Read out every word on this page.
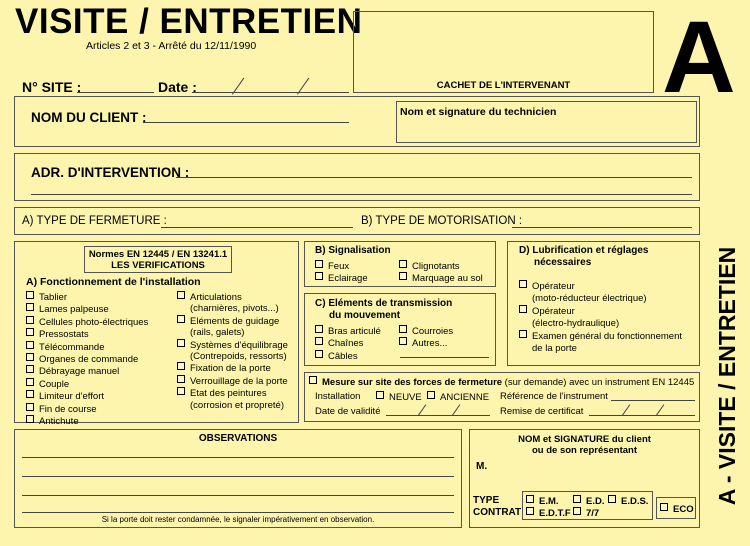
VISITE / ENTRETIEN
Articles 2 et 3 - Arrêté du 12/11/1990
CACHET DE L'INTERVENANT A
N° SITE :	Date :
NOM DU CLIENT :	Nom et signature du technicien
ADR. D'INTERVENTION :
A) TYPE DE FERMETURE :	B) TYPE DE MOTORISATION :
Normes EN 12445 / EN 13241.1
LES VERIFICATIONS
A) Fonctionnement de l'installation
Tablier
Lames palpeuse
Cellules photo-électriques
Pressostats
Télécommande
Organes de commande
Débrayage manuel
Couple
Limiteur d'effort
Fin de course
Antichute
Articulations
(charnières, pivots...)
Eléments de guidage
(rails, galets)
Systèmes d'équilibrage
(Contrepoids, ressorts)
Fixation de la porte
Verrouillage de la porte
Etat des peintures
(corrosion et propreté)
B) Signalisation
Feux
Eclairage
Clignotants
Marquage au sol
C) Eléments de transmission
du mouvement
Bras articulé
Chaînes
Câbles
Courroies
Autres...
D) Lubrification et réglages
nécessaires
Opérateur
(moto-réducteur électrique)
Opérateur
(électro-hydraulique)
Examen général du fonctionnement
de la porte
Mesure sur site des forces de fermeture (sur demande) avec un instrument EN 12445
Installation	NEUVE	ANCIENNE Référence de l'instrument
Date de validité	Remise de certificat
OBSERVATIONS
Si la porte doit rester condamnée, le signaler impérativement en observation.
NOM et SIGNATURE du client
ou de son représentant
M.
TYPE
CONTRAT
E.M.	E.D.	E.D.S.
E.D.T.F	7/7	ECO
A - VISITE / ENTRETIEN
